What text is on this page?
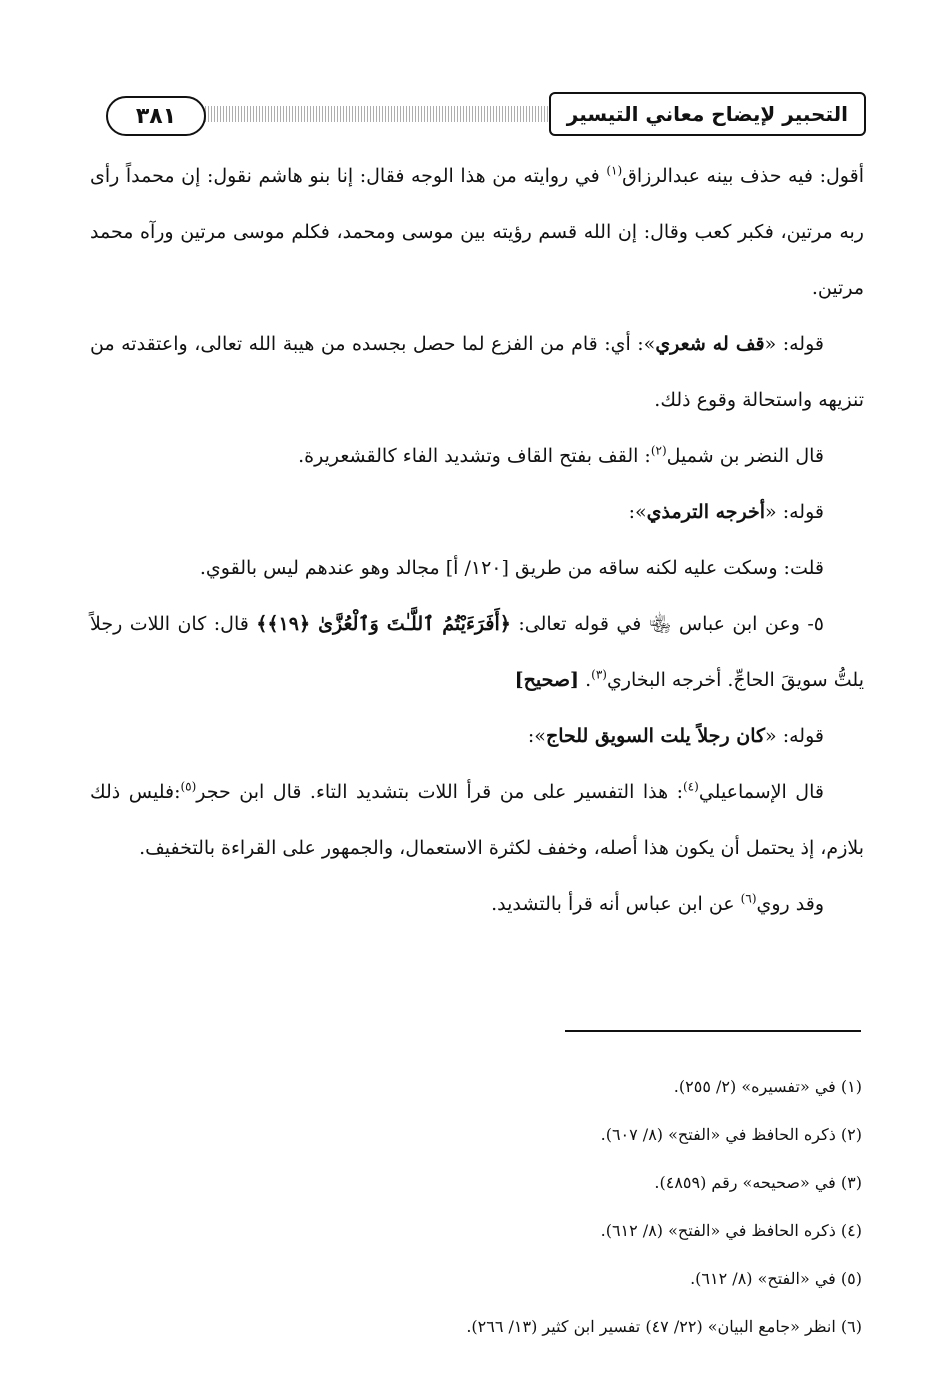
٣٨١	التحبير لإيضاح معاني التيسير

أقول: فيه حذف بينه عبدالرزاق$^{(١)}$ في روايته من هذا الوجه فقال: إنا بنو هاشم نقول: إن محمداً رأى ربه مرتين، فكبر كعب وقال: إن الله قسم رؤيته بين موسى ومحمد، فكلم موسى مرتين ورآه محمد مرتين.

قوله: «قف له شعري»: أي: قام من الفزع لما حصل بجسده من هيبة الله تعالى، واعتقدته من تنزيهه واستحالة وقوع ذلك.

قال النضر بن شميل$^{(٢)}$: القف بفتح القاف وتشديد الفاء كالقشعريرة.

قوله: «أخرجه الترمذي»:

قلت: وسكت عليه لكنه ساقه من طريق [١٢٠/ أ] مجالد وهو عندهم ليس بالقوي.

٥- وعن ابن عباس ﵄ في قوله تعالى: ﴿أَفَرَءَيْتُمُ ٱللَّـٰتَ وَٱلْعُزَّىٰ ﴿١٩﴾﴾ قال: كان اللات رجلاً يلتُّ سويقَ الحاجِّ. أخرجه البخاري$^{(٣)}$. [صحيح]

قوله: «كان رجلاً يلت السويق للحاج»:

قال الإسماعيلي$^{(٤)}$: هذا التفسير على من قرأ اللات بتشديد التاء. قال ابن حجر$^{(٥)}$:فليس ذلك بلازم، إذ يحتمل أن يكون هذا أصله، وخفف لكثرة الاستعمال، والجمهور على القراءة بالتخفيف.

وقد روي$^{(٦)}$ عن ابن عباس أنه قرأ بالتشديد.

(١) في «تفسيره» (٢/ ٢٥٥).
(٢) ذكره الحافظ في «الفتح» (٨/ ٦٠٧).
(٣) في «صحيحه» رقم (٤٨٥٩).
(٤) ذكره الحافظ في «الفتح» (٨/ ٦١٢).
(٥) في «الفتح» (٨/ ٦١٢).
(٦) انظر «جامع البيان» (٢٢/ ٤٧) تفسير ابن كثير (١٣/ ٢٦٦).
